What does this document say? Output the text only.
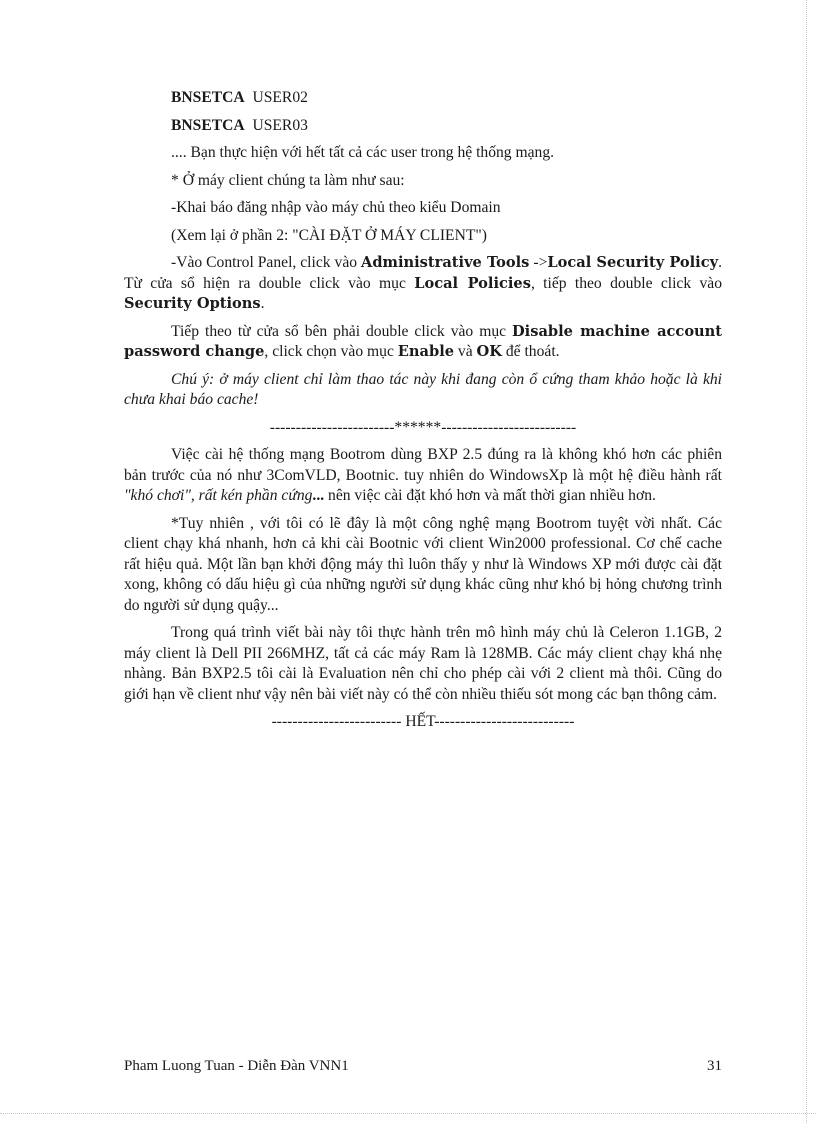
BNSETCA USER02

BNSETCA USER03

.... Bạn thực hiện với hết tất cả các user trong hệ thống mạng.

* Ở máy client chúng ta làm như sau:

-Khai báo đăng nhập vào máy chủ theo kiểu Domain

(Xem lại ở phần 2: "CÀI ĐẶT Ở MÁY CLIENT")

-Vào Control Panel, click vào Administrative Tools ->Local Security Policy. Từ cửa sổ hiện ra double click vào mục Local Policies, tiếp theo double click vào Security Options.

Tiếp theo từ cửa sổ bên phải double click vào mục Disable machine account password change, click chọn vào mục Enable và OK để thoát.

Chú ý: ở máy client chỉ làm thao tác này khi đang còn ổ cứng tham khảo hoặc là khi chưa khai báo cache!

------------------------******--------------------------

Việc cài hệ thống mạng Bootrom dùng BXP 2.5 đúng ra là không khó hơn các phiên bản trước của nó như 3ComVLD, Bootnic. tuy nhiên do WindowsXp là một hệ điều hành rất "khó chơi", rất kén phần cứng... nên việc cài đặt khó hơn và mất thời gian nhiều hơn.

*Tuy nhiên , với tôi có lẽ đây là một công nghệ mạng Bootrom tuyệt vời nhất. Các client chạy khá nhanh, hơn cả khi cài Bootnic với client Win2000 professional. Cơ chế cache rất hiệu quả. Một lần bạn khởi động máy thì luôn thấy y như là Windows XP mới được cài đặt xong, không có dấu hiệu gì của những người sử dụng khác cũng như khó bị hỏng chương trình do người sử dụng quậy...

Trong quá trình viết bài này tôi thực hành trên mô hình máy chủ là Celeron 1.1GB, 2 máy client là Dell PII 266MHZ, tất cả các máy Ram là 128MB. Các máy client chạy khá nhẹ nhàng. Bản BXP2.5 tôi cài là Evaluation nên chỉ cho phép cài với 2 client mà thôi. Cũng do giới hạn về client như vậy nên bài viết này có thể còn nhiều thiếu sót mong các bạn thông cảm.

------------------------- HẾT---------------------------

Pham Luong Tuan - Diễn Đàn VNN1	31
